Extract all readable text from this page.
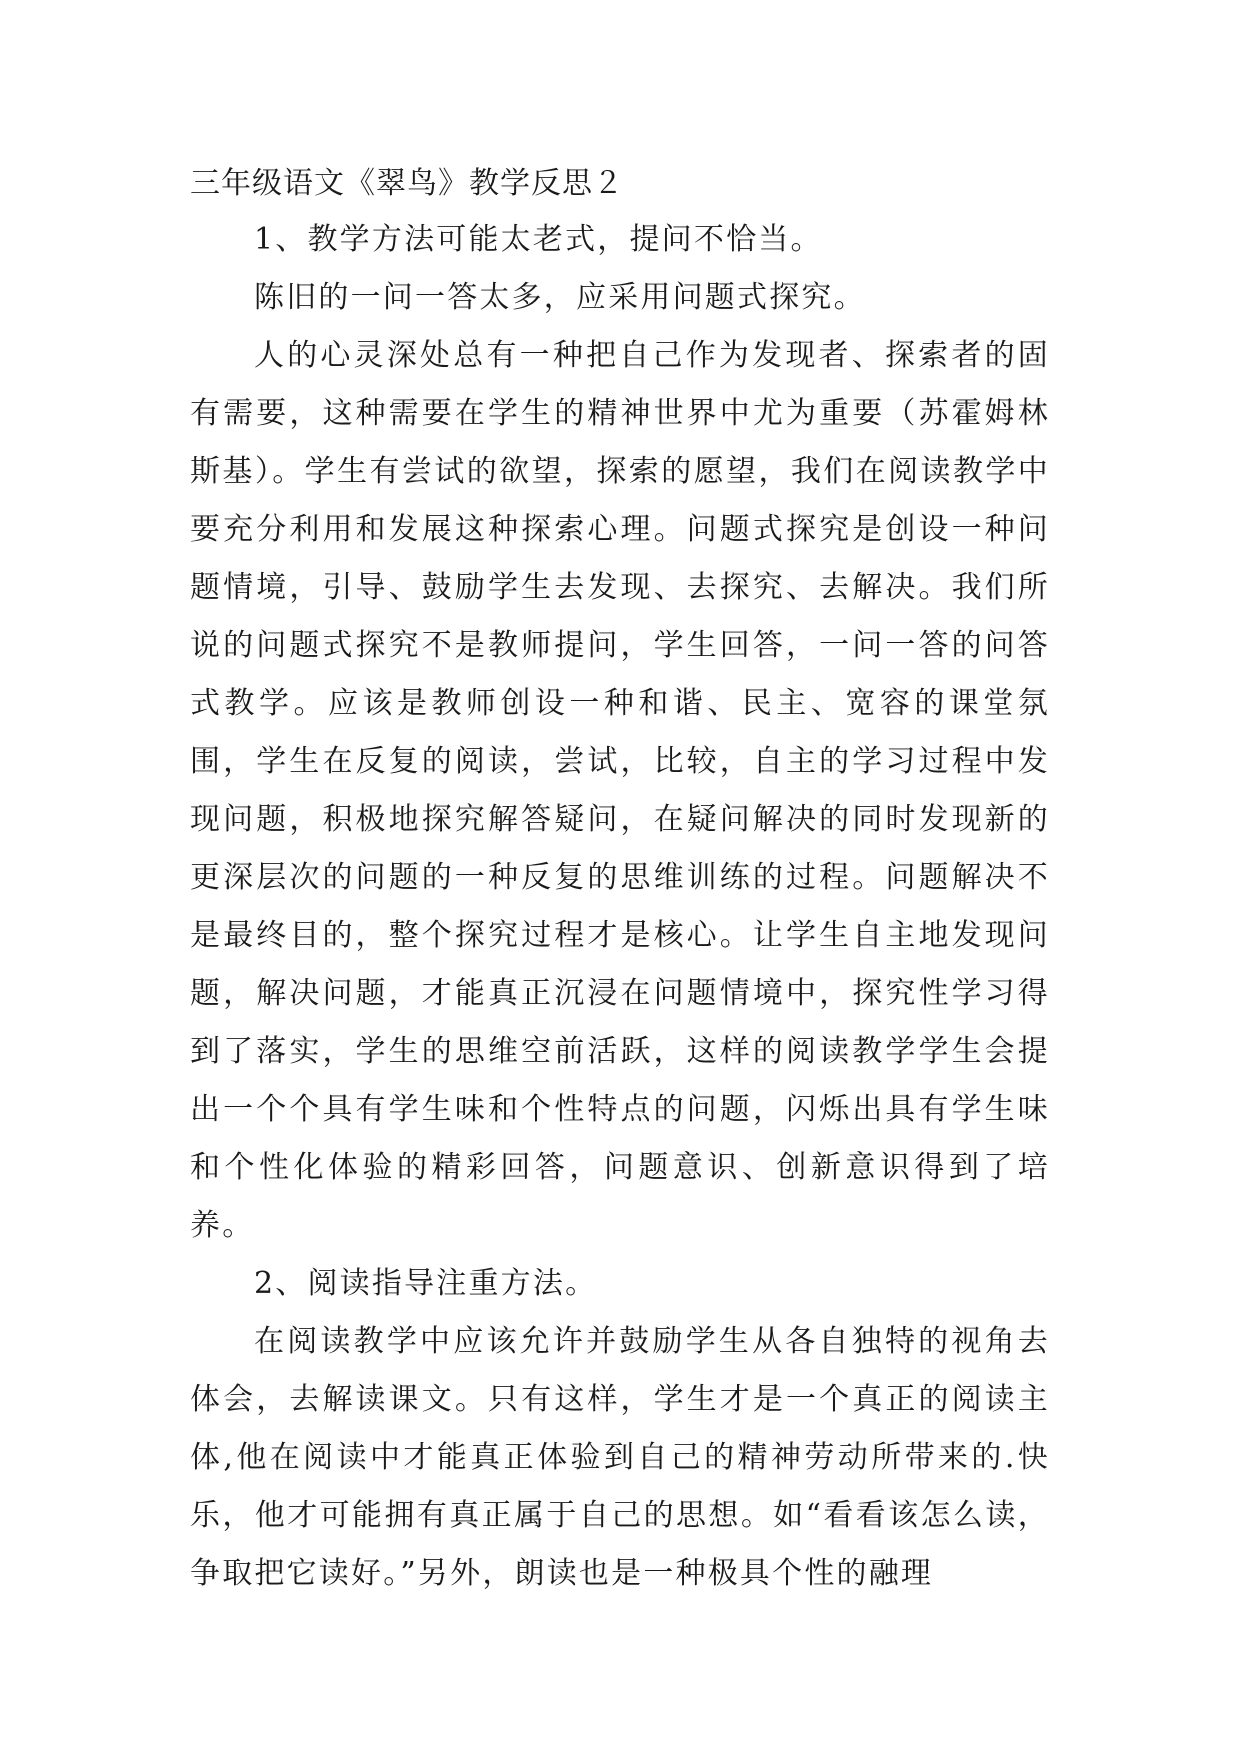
三年级语文《翠鸟》教学反思２

1、教学方法可能太老式，提问不恰当。

陈旧的一问一答太多，应采用问题式探究。

人的心灵深处总有一种把自己作为发现者、探索者的固有需要，这种需要在学生的精神世界中尤为重要（苏霍姆林斯基）。学生有尝试的欲望，探索的愿望，我们在阅读教学中要充分利用和发展这种探索心理。问题式探究是创设一种问题情境，引导、鼓励学生去发现、去探究、去解决。我们所说的问题式探究不是教师提问，学生回答，一问一答的问答式教学。应该是教师创设一种和谐、民主、宽容的课堂氛围，学生在反复的阅读，尝试，比较，自主的学习过程中发现问题，积极地探究解答疑问，在疑问解决的同时发现新的更深层次的问题的一种反复的思维训练的过程。问题解决不是最终目的，整个探究过程才是核心。让学生自主地发现问题，解决问题，才能真正沉浸在问题情境中，探究性学习得到了落实，学生的思维空前活跃，这样的阅读教学学生会提出一个个具有学生味和个性特点的问题，闪烁出具有学生味和个性化体验的精彩回答，问题意识、创新意识得到了培养。

2、阅读指导注重方法。

在阅读教学中应该允许并鼓励学生从各自独特的视角去体会，去解读课文。只有这样，学生才是一个真正的阅读主体,他在阅读中才能真正体验到自己的精神劳动所带来的.快乐，他才可能拥有真正属于自己的思想。如“看看该怎么读，争取把它读好。”另外，朗读也是一种极具个性的融理
